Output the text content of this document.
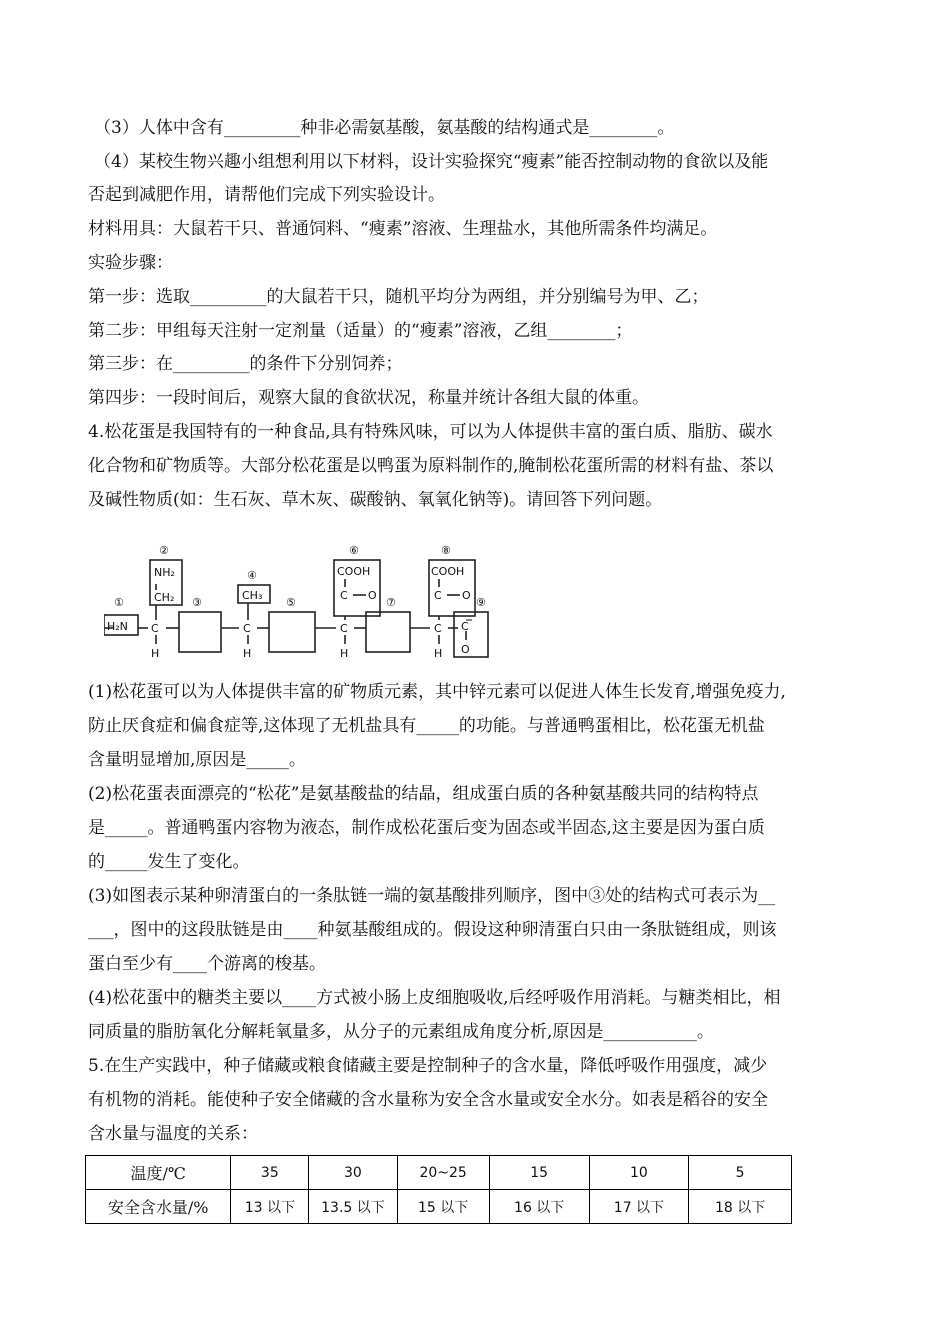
（3）人体中含有_________种非必需氨基酸，氨基酸的结构通式是________。
（4）某校生物兴趣小组想利用以下材料，设计实验探究“瘦素”能否控制动物的食欲以及能
否起到减肥作用，请帮他们完成下列实验设计。
材料用具：大鼠若干只、普通饲料、“瘦素”溶液、生理盐水，其他所需条件均满足。
实验步骤：
第一步：选取_________的大鼠若干只，随机平均分为两组，并分别编号为甲、乙；
第二步：甲组每天注射一定剂量（适量）的“瘦素”溶液，乙组________；
第三步：在_________的条件下分别饲养；
第四步：一段时间后，观察大鼠的食欲状况，称量并统计各组大鼠的体重。
4.松花蛋是我国特有的一种食品,具有特殊风味，可以为人体提供丰富的蛋白质、脂肪、碳水
化合物和矿物质等。大部分松花蛋是以鸭蛋为原料制作的,腌制松花蛋所需的材料有盐、茶以
及碱性物质(如：生石灰、草木灰、碳酸钠、氧氧化钠等)。请回答下列问题。
①
②
③
④
⑤
⑥
⑦
⑧
⑨
H₂N
NH₂
CH₂
C
H
CH₃
C
H
COOH
C O
C
H
COOH
C O
C
H
C
O
(1)松花蛋可以为人体提供丰富的矿物质元素，其中锌元素可以促进人体生长发育,增强免疫力,
防止厌食症和偏食症等,这体现了无机盐具有_____的功能。与普通鸭蛋相比，松花蛋无机盐
含量明显增加,原因是_____。
(2)松花蛋表面漂亮的“松花”是氨基酸盐的结晶，组成蛋白质的各种氨基酸共同的结构特点
是_____。普通鸭蛋内容物为液态，制作成松花蛋后变为固态或半固态,这主要是因为蛋白质
的_____发生了变化。
(3)如图表示某种卵清蛋白的一条肽链一端的氨基酸排列顺序，图中③处的结构式可表示为__
___，图中的这段肽链是由____种氨基酸组成的。假设这种卵清蛋白只由一条肽链组成，则该
蛋白至少有____个游离的梭基。
(4)松花蛋中的糖类主要以____方式被小肠上皮细胞吸收,后经呼吸作用消耗。与糖类相比，相
同质量的脂肪氧化分解耗氧量多，从分子的元素组成角度分析,原因是___________。
5.在生产实践中，种子储藏或粮食储藏主要是控制种子的含水量，降低呼吸作用强度，减少
有机物的消耗。能使种子安全储藏的含水量称为安全含水量或安全水分。如表是稻谷的安全
含水量与温度的关系：
温度/℃	35	30	20~25	15	10	5
安全含水量/%	13 以下	13.5 以下	15 以下	16 以下	17 以下	18 以下
